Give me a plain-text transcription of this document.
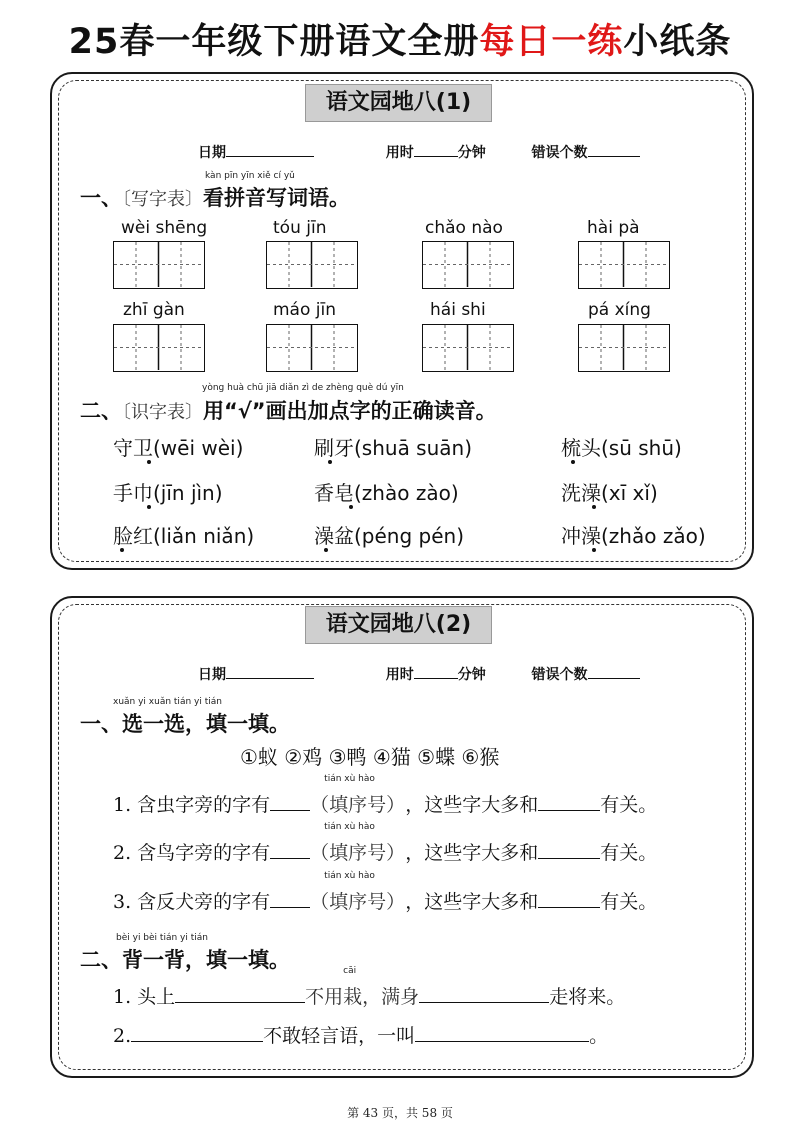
25春一年级下册语文全册每日一练小纸条
语文园地八(1)
日期	用时	分钟	错误个数
kàn pīn yīn xiě cí yǔ
一、〔写字表〕看拼音写词语。
wèi shēng	tóu jīn	chǎo nào	hài pà
zhī gàn	máo jīn	hái shi	pá xíng
yòng huà chū jiā diǎn zì de zhèng què dú yīn
二、〔识字表〕用“√”画出加点字的正确读音。
守卫(wēi wèi)	刷牙(shuā suān)	梳头(sū shū)
手巾(jīn jìn)	香皂(zhào zào)	洗澡(xī xǐ)
脸红(liǎn niǎn)	澡盆(péng pén)	冲澡(zhǎo zǎo)
语文园地八(2)
日期	用时	分钟	错误个数
xuǎn yi xuǎn tián yi tián
一、选一选，填一填。
①蚁 ②鸡 ③鸭 ④猫 ⑤蝶 ⑥猴
1. 含虫字旁的字有
tián xù hào
（填序号），这些字大多和	有关。
2. 含鸟字旁的字有
tián xù hào
（填序号），这些字大多和	有关。
3. 含反犬旁的字有
tián xù hào
（填序号），这些字大多和	有关。
bèi yi bèi tián yi tián
二、背一背，填一填。
1. 头上
cāi
不用栽，满身	走将来。
2.	不敢轻言语，一叫	。
第 43 页，共 58 页
